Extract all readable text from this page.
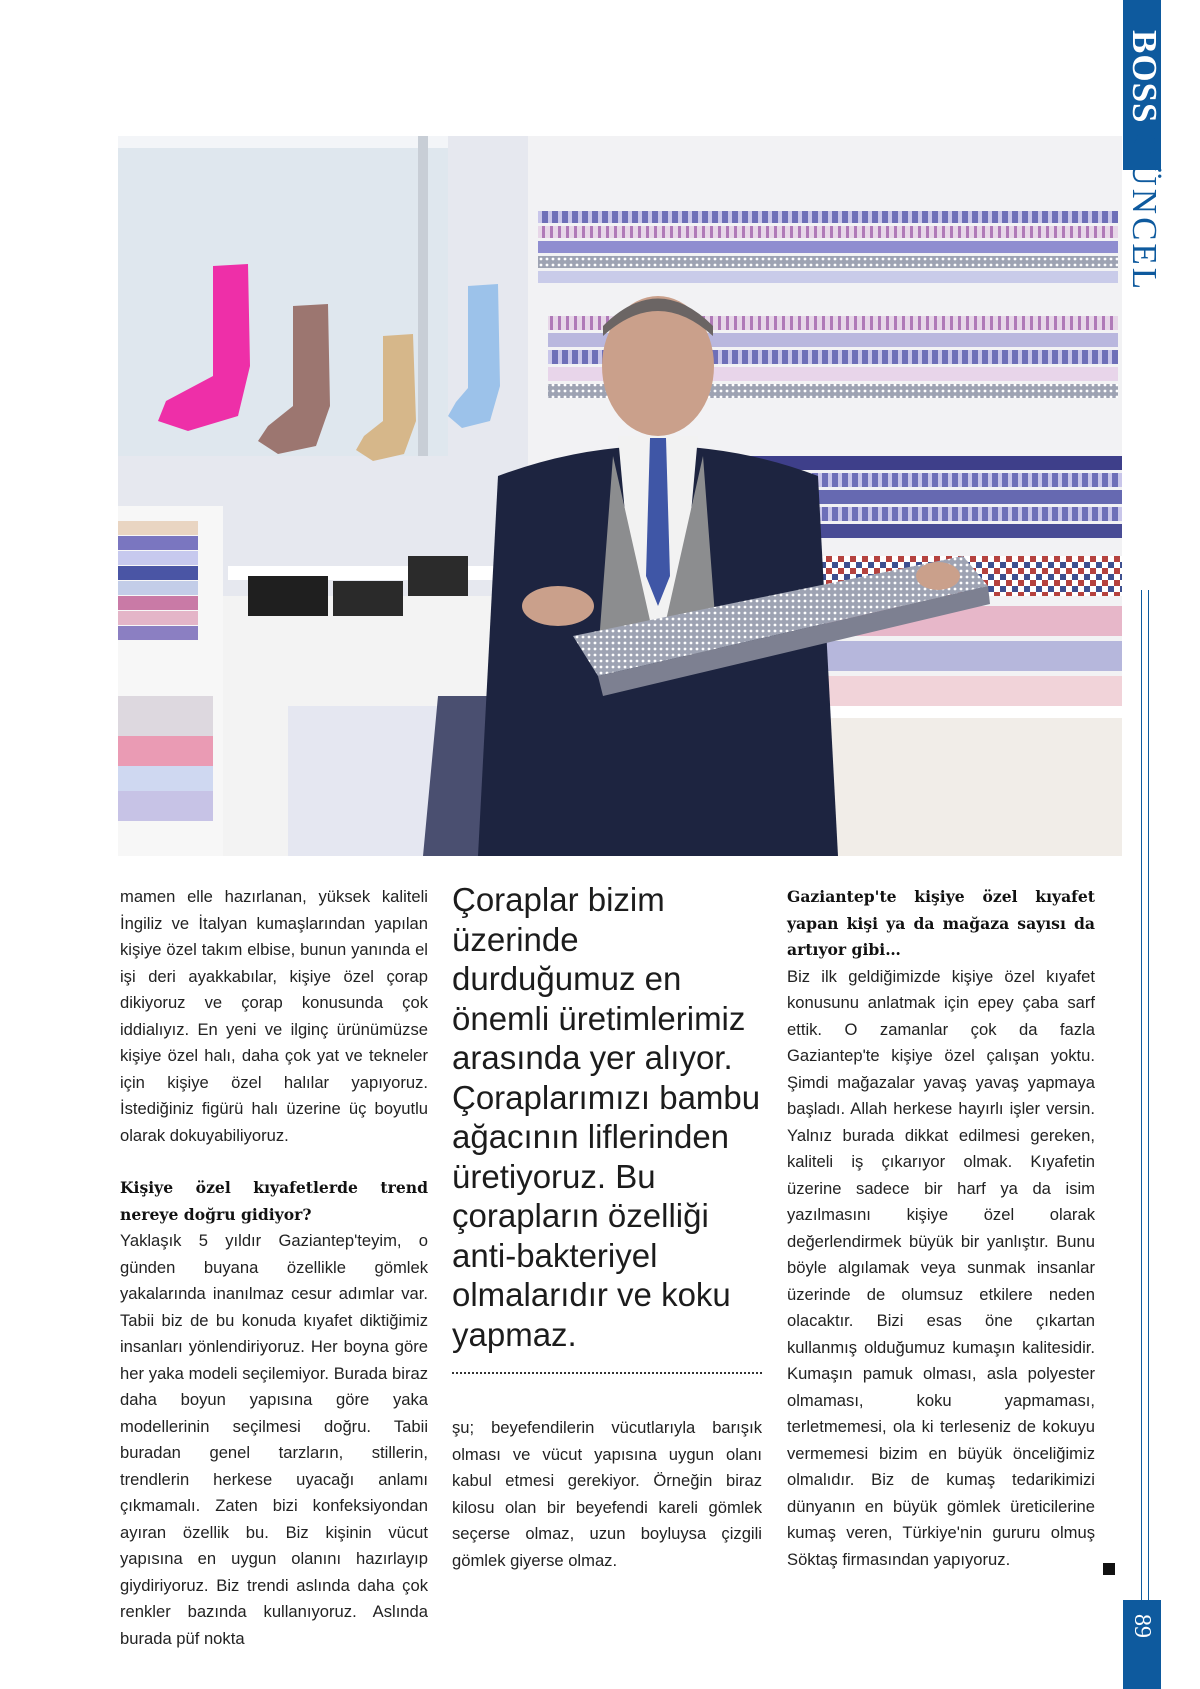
BOSS GÜNCEL
89

mamen elle hazırlanan, yüksek kaliteli İngiliz ve İtalyan kumaşlarından yapılan kişiye özel takım elbise, bunun yanında el işi deri ayakkabılar, kişiye özel çorap dikiyoruz ve çorap konusunda çok iddialıyız. En yeni ve ilginç ürünümüzse kişiye özel halı, daha çok yat ve tekneler için kişiye özel halılar yapıyoruz. İstediğiniz figürü halı üzerine üç boyutlu olarak dokuyabiliyoruz.

Kişiye özel kıyafetlerde trend nereye doğru gidiyor?

Yaklaşık 5 yıldır Gaziantep'teyim, o günden buyana özellikle gömlek yakalarında inanılmaz cesur adımlar var. Tabii biz de bu konuda kıyafet diktiğimiz insanları yönlendiriyoruz. Her boyna göre her yaka modeli seçilemiyor. Burada biraz daha boyun yapısına göre yaka modellerinin seçilmesi doğru. Tabii buradan genel tarzların, stillerin, trendlerin herkese uyacağı anlamı çıkmamalı. Zaten bizi konfeksiyondan ayıran özellik bu. Biz kişinin vücut yapısına en uygun olanını hazırlayıp giydiriyoruz. Biz trendi aslında daha çok renkler bazında kullanıyoruz. Aslında burada püf nokta

Çoraplar bizim üzerinde durduğumuz en önemli üretimlerimiz arasında yer alıyor. Çoraplarımızı bambu ağacının liflerinden üretiyoruz. Bu çorapların özelliği anti-bakteriyel olmalarıdır ve koku yapmaz.

şu; beyefendilerin vücutlarıyla barışık olması ve vücut yapısına uygun olanı kabul etmesi gerekiyor. Örneğin biraz kilosu olan bir beyefendi kareli gömlek seçerse olmaz, uzun boyluysa çizgili gömlek giyerse olmaz.

Gaziantep'te kişiye özel kıyafet yapan kişi ya da mağaza sayısı da artıyor gibi…

Biz ilk geldiğimizde kişiye özel kıyafet konusunu anlatmak için epey çaba sarf ettik. O zamanlar çok da fazla Gaziantep'te kişiye özel çalışan yoktu. Şimdi mağazalar yavaş yavaş yapmaya başladı. Allah herkese hayırlı işler versin. Yalnız burada dikkat edilmesi gereken, kaliteli iş çıkarıyor olmak. Kıyafetin üzerine sadece bir harf ya da isim yazılmasını kişiye özel olarak değerlendirmek büyük bir yanlıştır. Bunu böyle algılamak veya sunmak insanlar üzerinde de olumsuz etkilere neden olacaktır. Bizi esas öne çıkartan kullanmış olduğumuz kumaşın kalitesidir. Kumaşın pamuk olması, asla polyester olmaması, koku yapmaması, terletmemesi, ola ki terleseniz de kokuyu vermemesi bizim en büyük önceliğimiz olmalıdır. Biz de kumaş tedarikimizi dünyanın en büyük gömlek üreticilerine kumaş veren, Türkiye'nin gururu olmuş Söktaş firmasından yapıyoruz.
